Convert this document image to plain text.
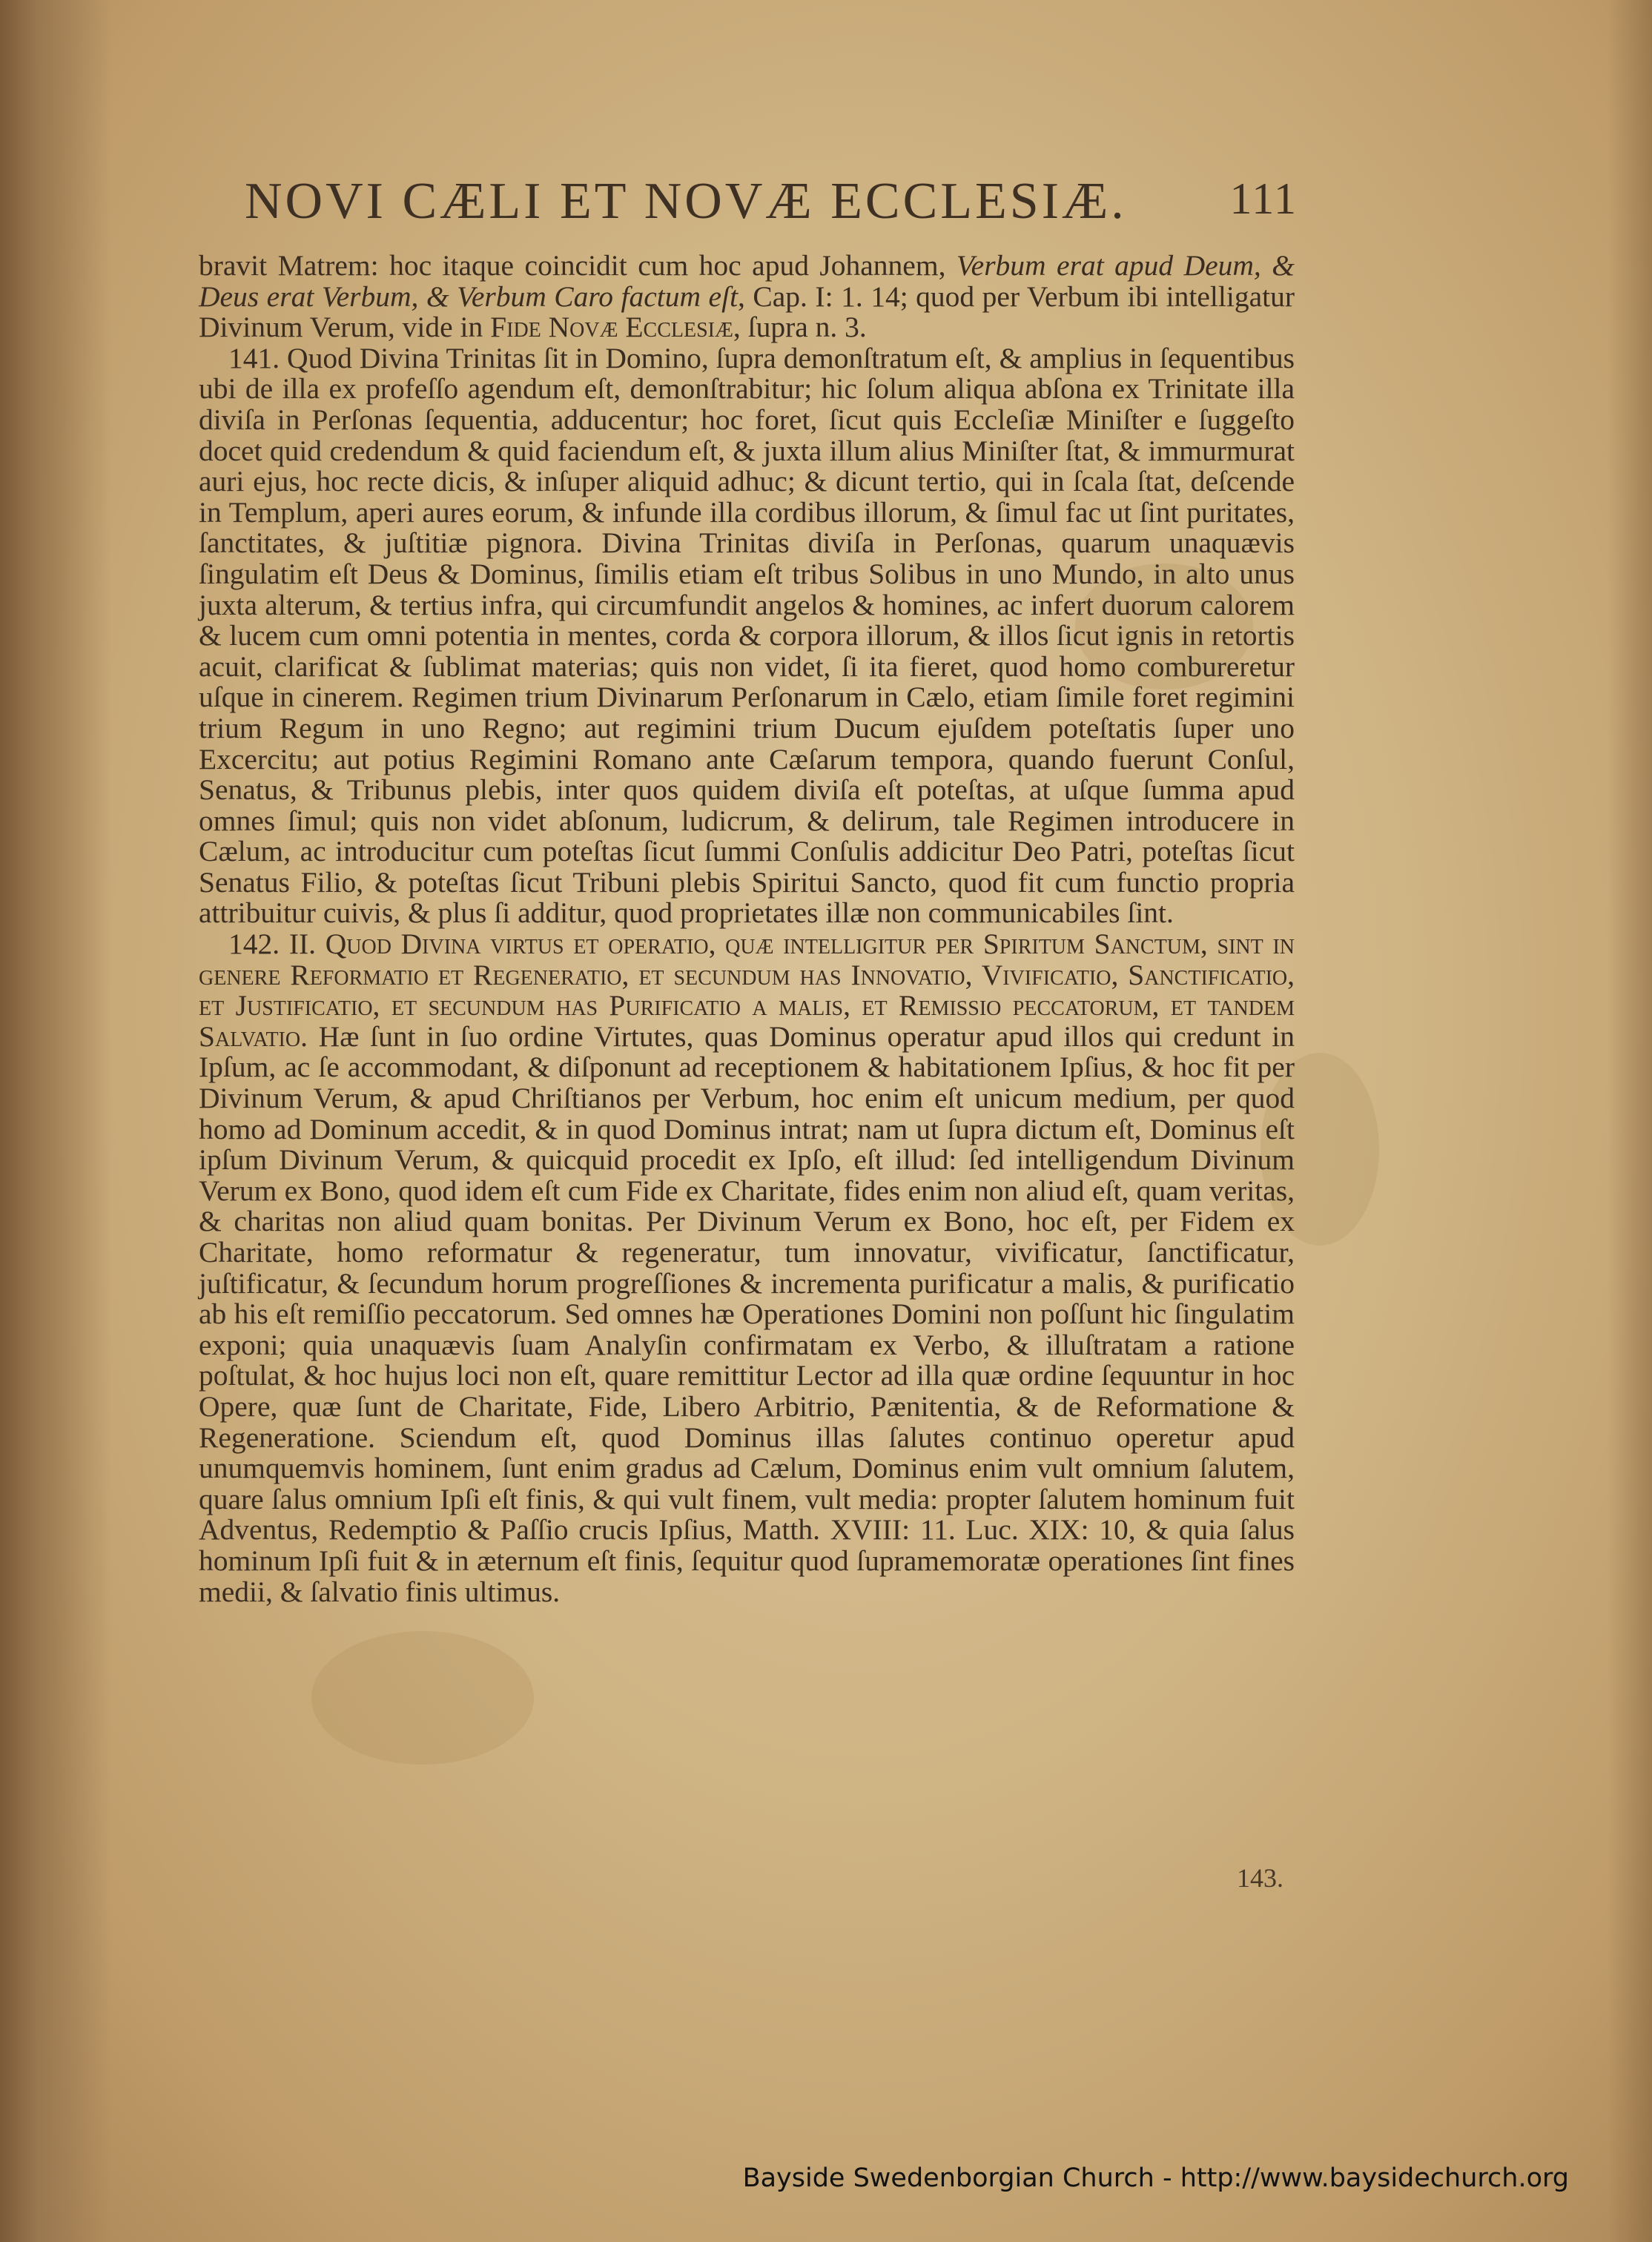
NOVI CÆLI ET NOVÆ ECCLESIÆ. 111

bravit Matrem: hoc itaque coincidit cum hoc apud Johannem, Verbum erat apud Deum, & Deus erat Verbum, & Verbum Caro factum eſt, Cap. I: 1. 14; quod per Verbum ibi intelligatur Divinum Verum, vide in Fide Novæ Ecclesiæ, ſupra n. 3.

141. Quod Divina Trinitas ſit in Domino, ſupra demonſtratum eſt, & amplius in ſequentibus ubi de illa ex profeſſo agendum eſt, demonſtrabitur; hic ſolum aliqua abſona ex Trinitate illa diviſa in Perſonas ſequentia, adducentur; hoc foret, ſicut quis Eccleſiæ Miniſter e ſuggeſto docet quid credendum & quid faciendum eſt, & juxta illum alius Miniſter ſtat, & immurmurat auri ejus, hoc recte dicis, & inſuper aliquid adhuc; & dicunt tertio, qui in ſcala ſtat, deſcende in Templum, aperi aures eorum, & infunde illa cordibus illorum, & ſimul fac ut ſint puritates, ſanctitates, & juſtitiæ pignora. Divina Trinitas diviſa in Perſonas, quarum unaquævis ſingulatim eſt Deus & Dominus, ſimilis etiam eſt tribus Solibus in uno Mundo, in alto unus juxta alterum, & tertius infra, qui circumfundit angelos & homines, ac infert duorum calorem & lucem cum omni potentia in mentes, corda & corpora illorum, & illos ſicut ignis in retortis acuit, clarificat & ſublimat materias; quis non videt, ſi ita fieret, quod homo combureretur uſque in cinerem. Regimen trium Divinarum Perſonarum in Cælo, etiam ſimile foret regimini trium Regum in uno Regno; aut regimini trium Ducum ejuſdem poteſtatis ſuper uno Excercitu; aut potius Regimini Romano ante Cæſarum tempora, quando fuerunt Conſul, Senatus, & Tribunus plebis, inter quos quidem diviſa eſt poteſtas, at uſque ſumma apud omnes ſimul; quis non videt abſonum, ludicrum, & delirum, tale Regimen introducere in Cælum, ac introducitur cum poteſtas ſicut ſummi Conſulis addicitur Deo Patri, poteſtas ſicut Senatus Filio, & poteſtas ſicut Tribuni plebis Spiritui Sancto, quod fit cum functio propria attribuitur cuivis, & plus ſi additur, quod proprietates illæ non communicabiles ſint.

142. II. Quod Divina virtus et operatio, quæ intelligitur per Spiritum Sanctum, sint in genere Reformatio et Regeneratio, et secundum has Innovatio, Vivificatio, Sanctificatio, et Justificatio, et secundum has Purificatio a malis, et Remissio peccatorum, et tandem Salvatio. Hæ ſunt in ſuo ordine Virtutes, quas Dominus operatur apud illos qui credunt in Ipſum, ac ſe accommodant, & diſponunt ad receptionem & habitationem Ipſius, & hoc fit per Divinum Verum, & apud Chriſtianos per Verbum, hoc enim eſt unicum medium, per quod homo ad Dominum accedit, & in quod Dominus intrat; nam ut ſupra dictum eſt, Dominus eſt ipſum Divinum Verum, & quicquid procedit ex Ipſo, eſt illud: ſed intelligendum Divinum Verum ex Bono, quod idem eſt cum Fide ex Charitate, fides enim non aliud eſt, quam veritas, & charitas non aliud quam bonitas. Per Divinum Verum ex Bono, hoc eſt, per Fidem ex Charitate, homo reformatur & regeneratur, tum innovatur, vivificatur, ſanctificatur, juſtificatur, & ſecundum horum progreſſiones & incrementa purificatur a malis, & purificatio ab his eſt remiſſio peccatorum. Sed omnes hæ Operationes Domini non poſſunt hic ſingulatim exponi; quia unaquævis ſuam Analyſin confirmatam ex Verbo, & illuſtratam a ratione poſtulat, & hoc hujus loci non eſt, quare remittitur Lector ad illa quæ ordine ſequuntur in hoc Opere, quæ ſunt de Charitate, Fide, Libero Arbitrio, Pænitentia, & de Reformatione & Regeneratione. Sciendum eſt, quod Dominus illas ſalutes continuo operetur apud unumquemvis hominem, ſunt enim gradus ad Cælum, Dominus enim vult omnium ſalutem, quare ſalus omnium Ipſi eſt finis, & qui vult finem, vult media: propter ſalutem hominum fuit Adventus, Redemptio & Paſſio crucis Ipſius, Matth. XVIII: 11. Luc. XIX: 10, & quia ſalus hominum Ipſi fuit & in æternum eſt finis, ſequitur quod ſupramemoratæ operationes ſint fines medii, & ſalvatio finis ultimus.

143.
Bayside Swedenborgian Church - http://www.baysidechurch.org
